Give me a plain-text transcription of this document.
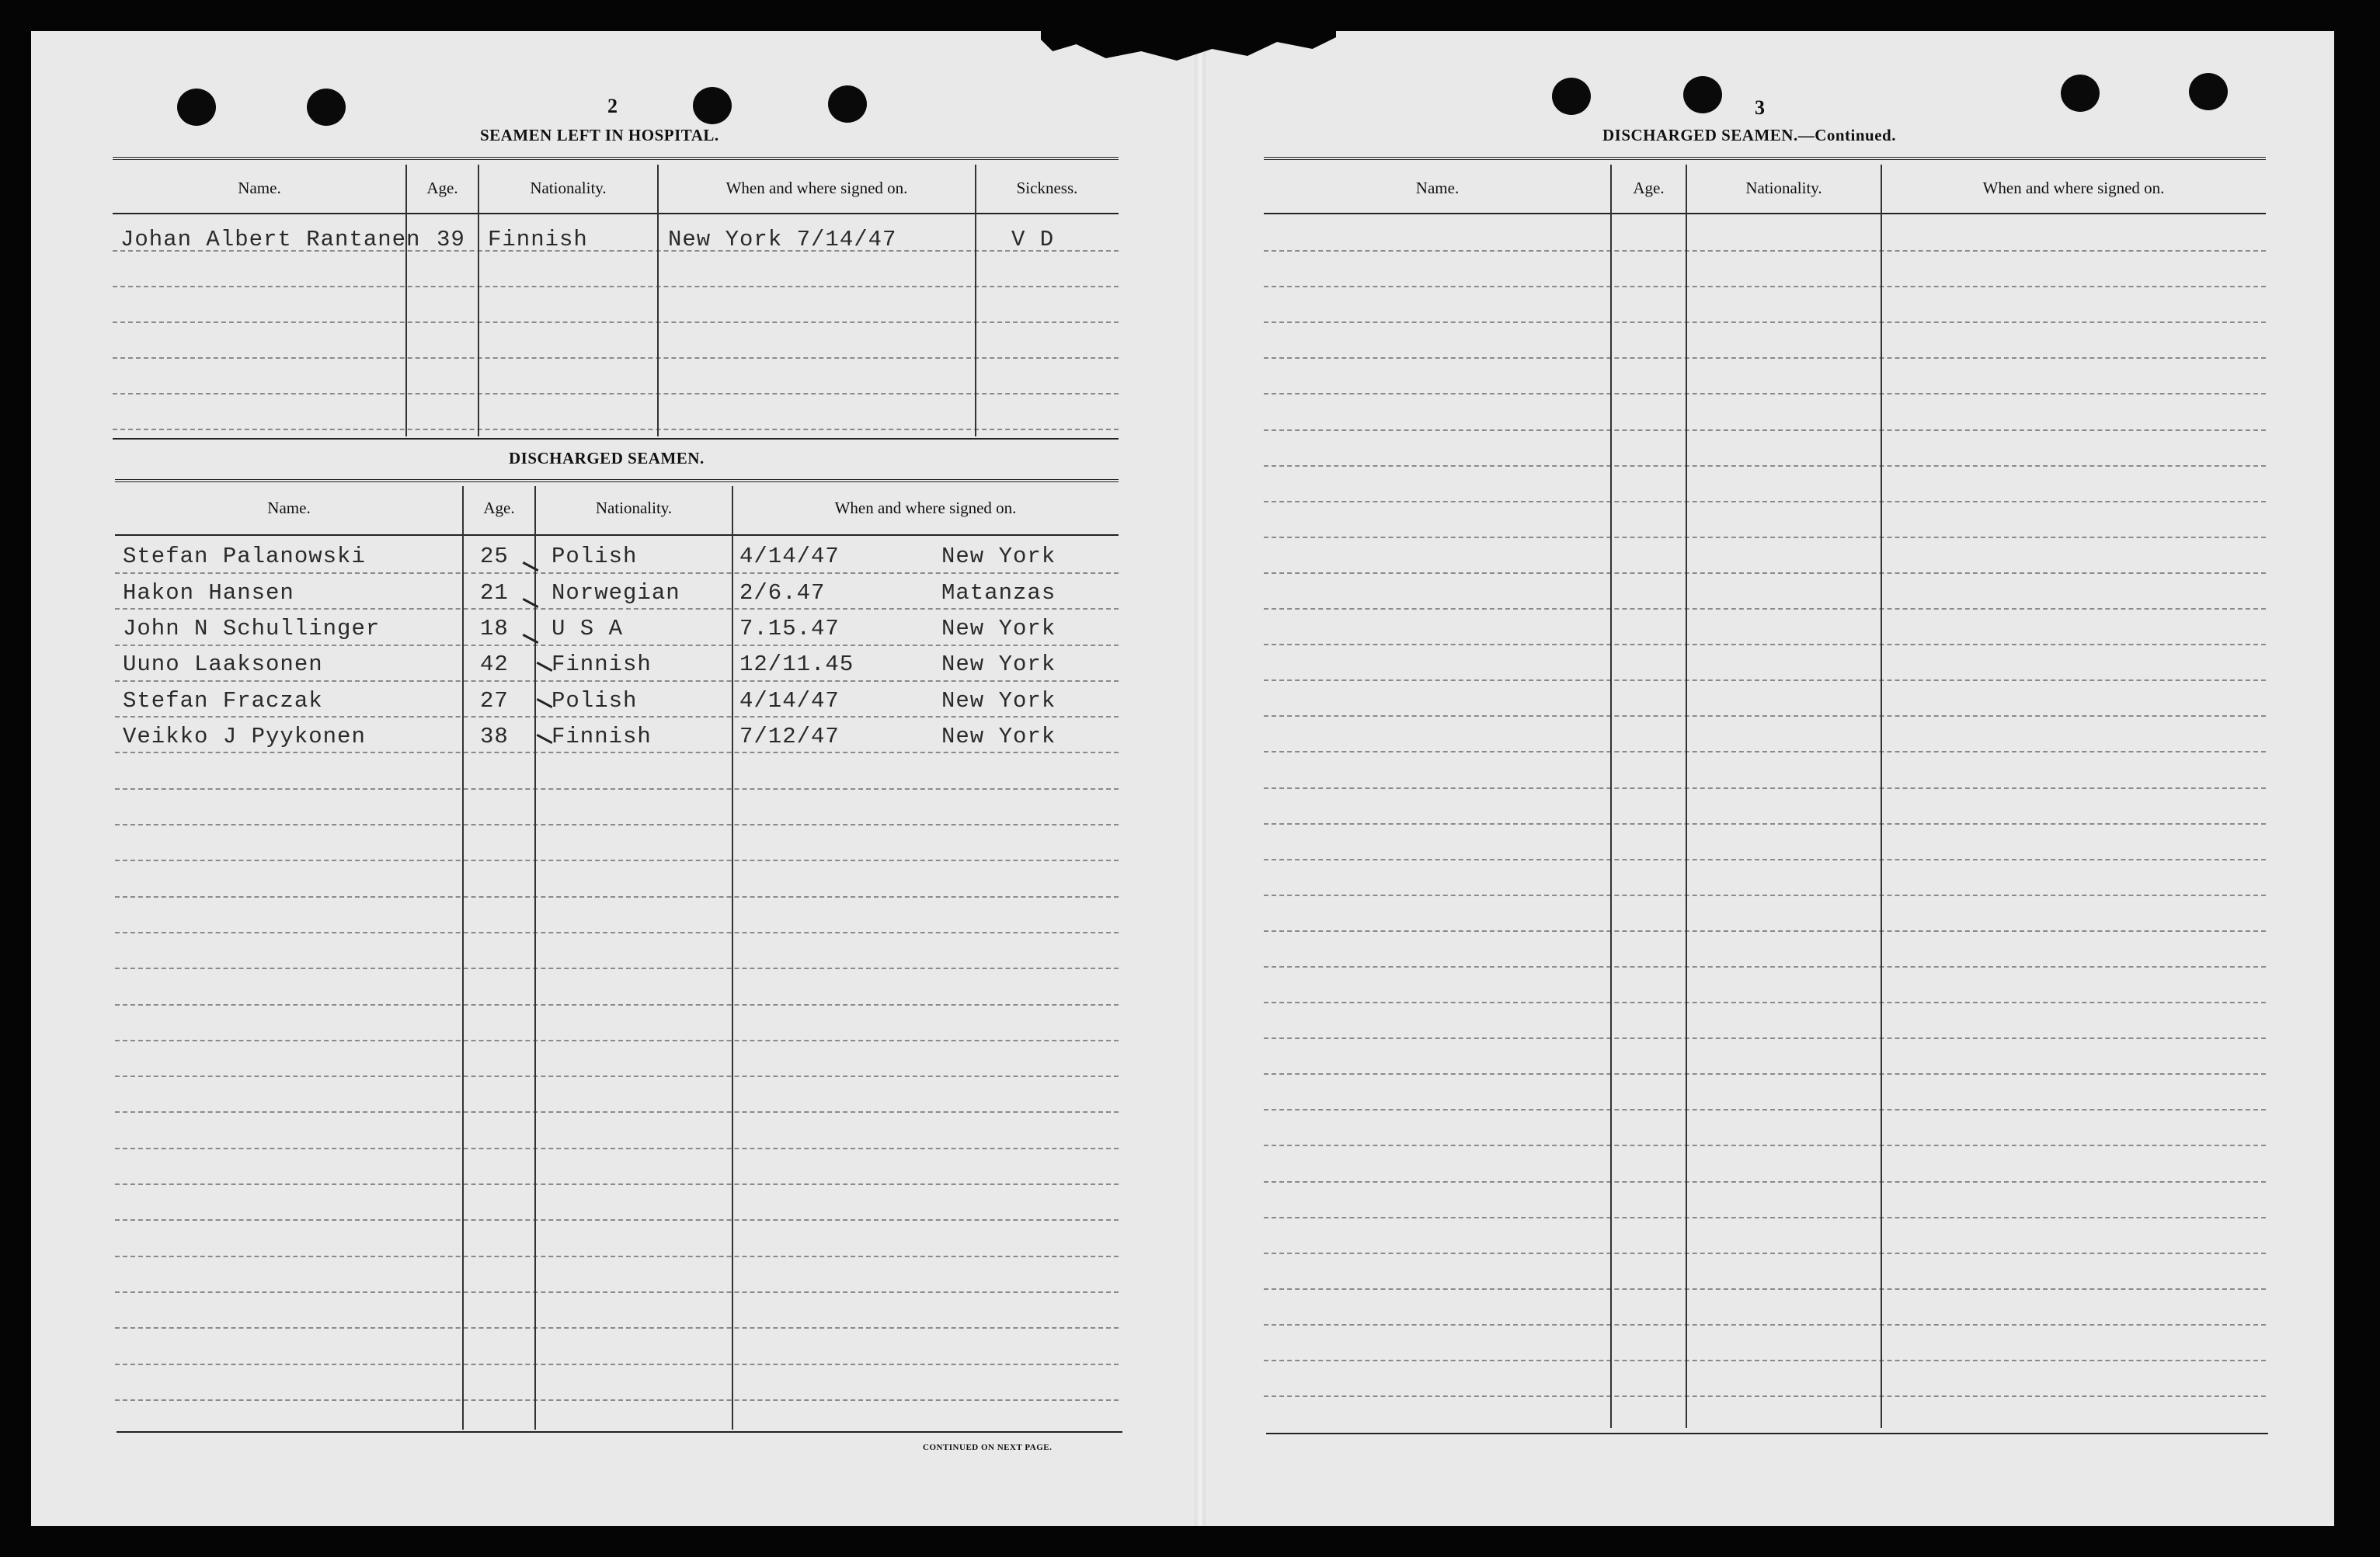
2
SEAMEN LEFT IN HOSPITAL.
Name.	Age.	Nationality.	When and where signed on.	Sickness.
Johan Albert Rantanen 39 Finnish	New York 7/14/47	V D
DISCHARGED SEAMEN.
Name.	Age.	Nationality.	When and where signed on.
Stefan Palanowski	25 Polish	4/14/47	New York
Hakon Hansen	21 Norwegian	2/6.47	Matanzas
John N Schullinger	18 U S A	7.15.47	New York
Uuno Laaksonen	42 Finnish	12/11.45	New York
Stefan Fraczak	27 Polish	4/14/47	New York
Veikko J Pyykonen	38 Finnish	7/12/47	New York
CONTINUED ON NEXT PAGE.
3
DISCHARGED SEAMEN.—Continued.
Name.	Age.	Nationality.	When and where signed on.
